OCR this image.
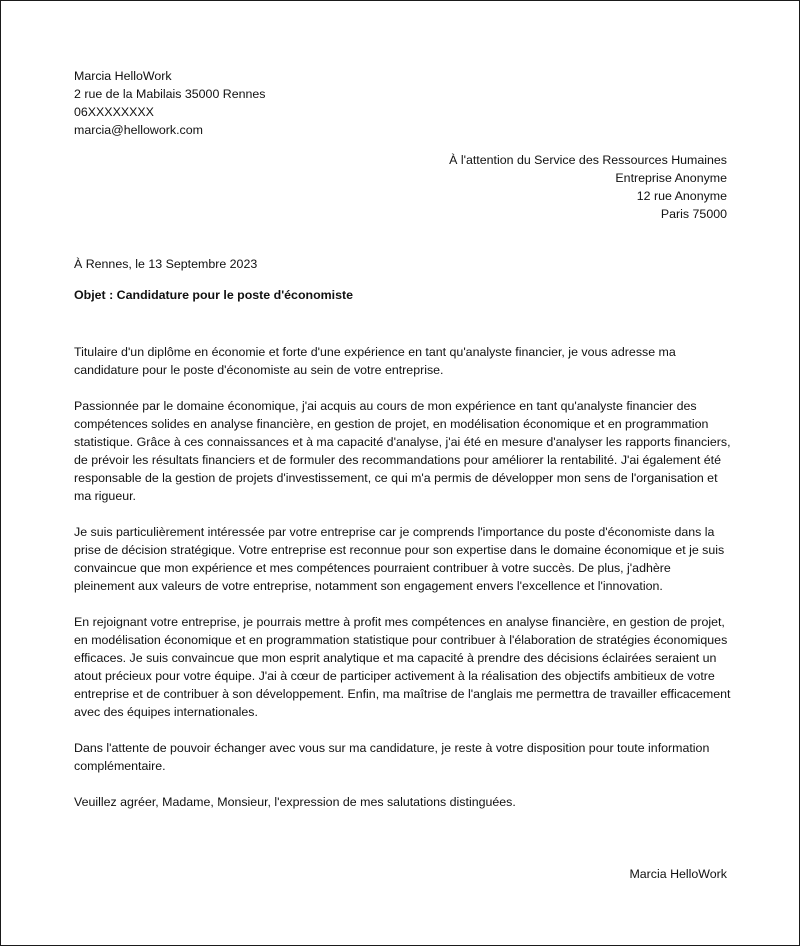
Marcia HelloWork
2 rue de la Mabilais 35000 Rennes
06XXXXXXXX
marcia@hellowork.com
À l'attention du Service des Ressources Humaines
Entreprise Anonyme
12 rue Anonyme
Paris 75000
À Rennes, le 13 Septembre 2023
Objet : Candidature pour le poste d'économiste

Titulaire d'un diplôme en économie et forte d'une expérience en tant qu'analyste financier, je vous adresse ma candidature pour le poste d'économiste au sein de votre entreprise.

Passionnée par le domaine économique, j'ai acquis au cours de mon expérience en tant qu'analyste financier des compétences solides en analyse financière, en gestion de projet, en modélisation économique et en programmation statistique. Grâce à ces connaissances et à ma capacité d'analyse, j'ai été en mesure d'analyser les rapports financiers, de prévoir les résultats financiers et de formuler des recommandations pour améliorer la rentabilité. J'ai également été responsable de la gestion de projets d'investissement, ce qui m'a permis de développer mon sens de l'organisation et ma rigueur.

Je suis particulièrement intéressée par votre entreprise car je comprends l'importance du poste d'économiste dans la prise de décision stratégique. Votre entreprise est reconnue pour son expertise dans le domaine économique et je suis convaincue que mon expérience et mes compétences pourraient contribuer à votre succès. De plus, j'adhère pleinement aux valeurs de votre entreprise, notamment son engagement envers l'excellence et l'innovation.

En rejoignant votre entreprise, je pourrais mettre à profit mes compétences en analyse financière, en gestion de projet, en modélisation économique et en programmation statistique pour contribuer à l'élaboration de stratégies économiques efficaces. Je suis convaincue que mon esprit analytique et ma capacité à prendre des décisions éclairées seraient un atout précieux pour votre équipe. J'ai à cœur de participer activement à la réalisation des objectifs ambitieux de votre entreprise et de contribuer à son développement. Enfin, ma maîtrise de l'anglais me permettra de travailler efficacement avec des équipes internationales.

Dans l'attente de pouvoir échanger avec vous sur ma candidature, je reste à votre disposition pour toute information complémentaire.

Veuillez agréer, Madame, Monsieur, l'expression de mes salutations distinguées.

Marcia HelloWork
